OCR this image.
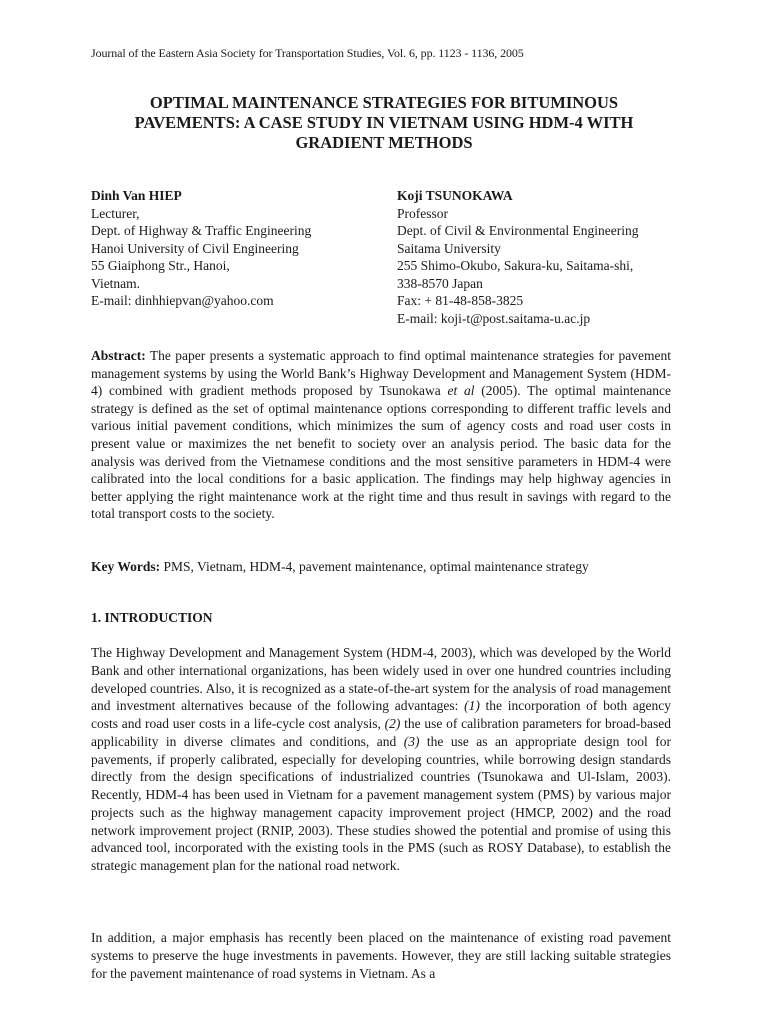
Journal of the Eastern Asia Society for Transportation Studies, Vol. 6, pp. 1123 - 1136, 2005
OPTIMAL MAINTENANCE STRATEGIES FOR BITUMINOUS
PAVEMENTS: A CASE STUDY IN VIETNAM USING HDM-4 WITH
GRADIENT METHODS
Dinh Van HIEP
Lecturer,
Dept. of Highway & Traffic Engineering
Hanoi University of Civil Engineering
55 Giaiphong Str., Hanoi,
Vietnam.
E-mail: dinhhiepvan@yahoo.com
Koji TSUNOKAWA
Professor
Dept. of Civil & Environmental Engineering
Saitama University
255 Shimo-Okubo, Sakura-ku, Saitama-shi,
338-8570 Japan
Fax: + 81-48-858-3825
E-mail: koji-t@post.saitama-u.ac.jp
Abstract: The paper presents a systematic approach to find optimal maintenance strategies for pavement management systems by using the World Bank’s Highway Development and Management System (HDM-4) combined with gradient methods proposed by Tsunokawa et al (2005). The optimal maintenance strategy is defined as the set of optimal maintenance options corresponding to different traffic levels and various initial pavement conditions, which minimizes the sum of agency costs and road user costs in present value or maximizes the net benefit to society over an analysis period. The basic data for the analysis was derived from the Vietnamese conditions and the most sensitive parameters in HDM-4 were calibrated into the local conditions for a basic application. The findings may help highway agencies in better applying the right maintenance work at the right time and thus result in savings with regard to the total transport costs to the society.
Key Words: PMS, Vietnam, HDM-4, pavement maintenance, optimal maintenance strategy
1. INTRODUCTION
The Highway Development and Management System (HDM-4, 2003), which was developed by the World Bank and other international organizations, has been widely used in over one hundred countries including developed countries. Also, it is recognized as a state-of-the-art system for the analysis of road management and investment alternatives because of the following advantages: (1) the incorporation of both agency costs and road user costs in a life-cycle cost analysis, (2) the use of calibration parameters for broad-based applicability in diverse climates and conditions, and (3) the use as an appropriate design tool for pavements, if properly calibrated, especially for developing countries, while borrowing design standards directly from the design specifications of industrialized countries (Tsunokawa and Ul-Islam, 2003). Recently, HDM-4 has been used in Vietnam for a pavement management system (PMS) by various major projects such as the highway management capacity improvement project (HMCP, 2002) and the road network improvement project (RNIP, 2003). These studies showed the potential and promise of using this advanced tool, incorporated with the existing tools in the PMS (such as ROSY Database), to establish the strategic management plan for the national road network.
In addition, a major emphasis has recently been placed on the maintenance of existing road pavement systems to preserve the huge investments in pavements. However, they are still lacking suitable strategies for the pavement maintenance of road systems in Vietnam. As a
